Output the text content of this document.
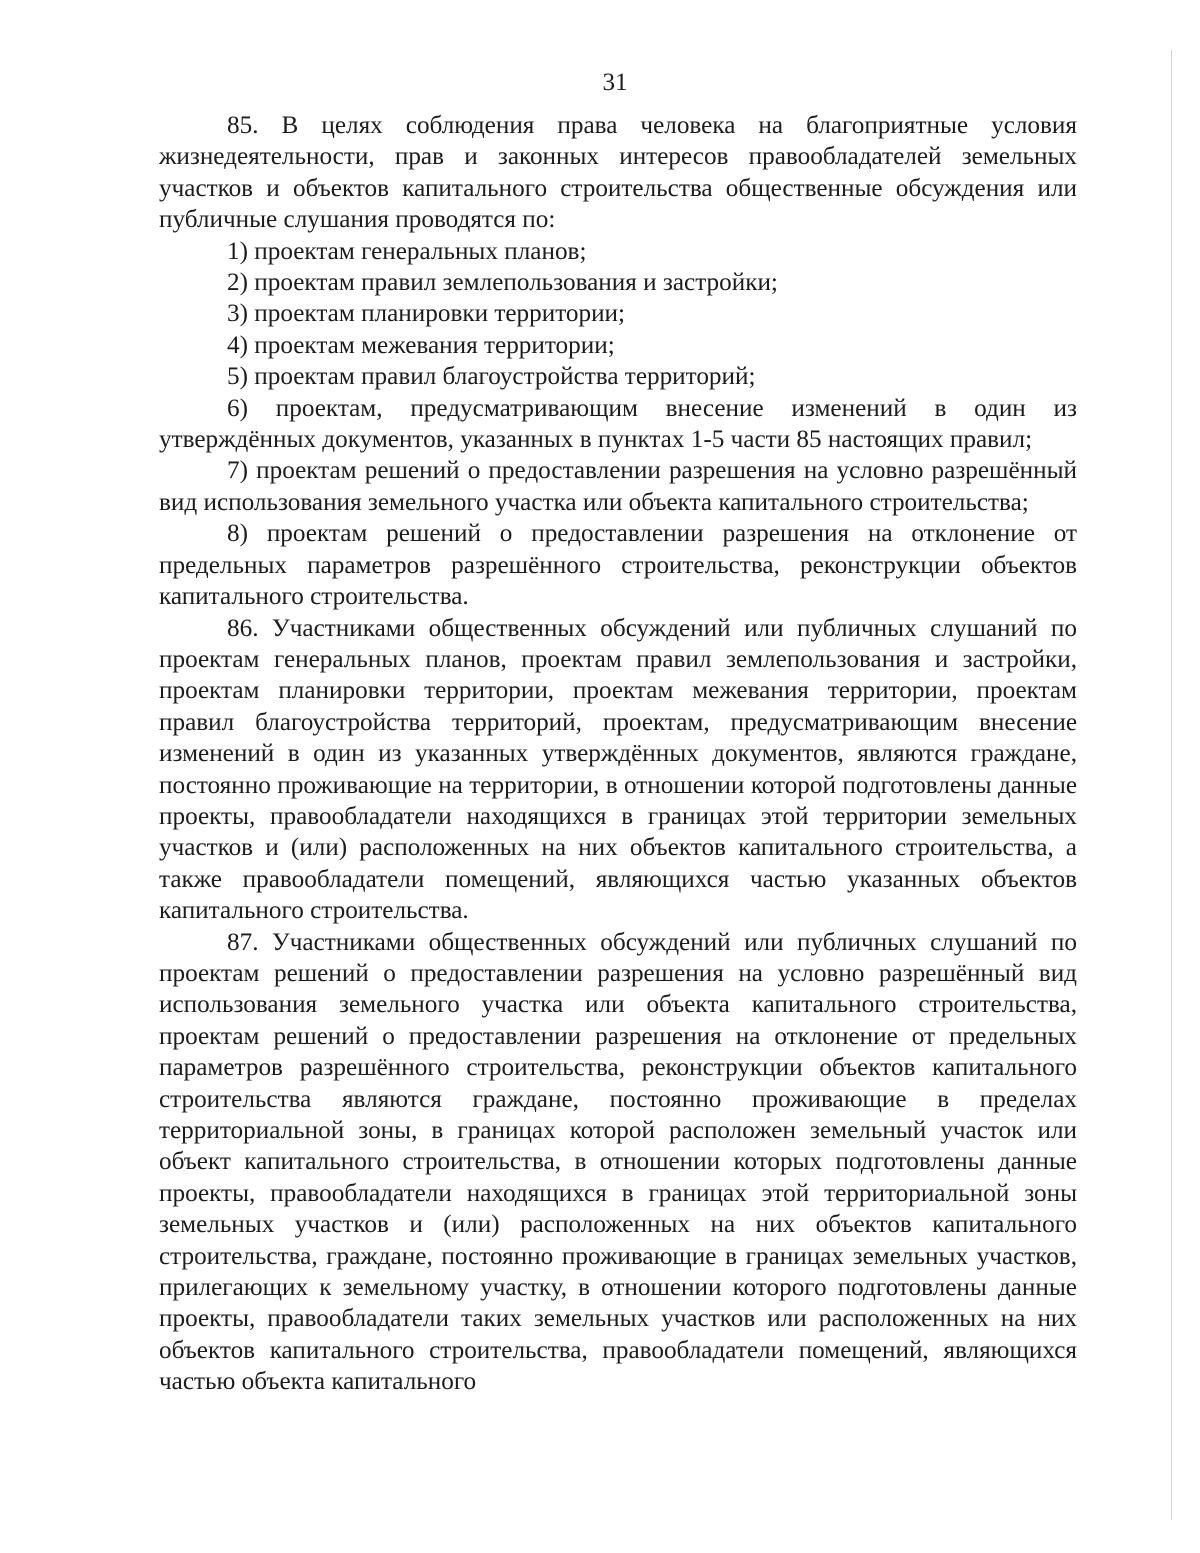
31

85. В целях соблюдения права человека на благоприятные условия жизнедеятельности, прав и законных интересов правообладателей земельных участков и объектов капитального строительства общественные обсуждения или публичные слушания проводятся по:

1) проектам генеральных планов;

2) проектам правил землепользования и застройки;

3) проектам планировки территории;

4) проектам межевания территории;

5) проектам правил благоустройства территорий;

6) проектам, предусматривающим внесение изменений в один из утверждённых документов, указанных в пунктах 1-5 части 85 настоящих правил;

7) проектам решений о предоставлении разрешения на условно разрешённый вид использования земельного участка или объекта капитального строительства;

8) проектам решений о предоставлении разрешения на отклонение от предельных параметров разрешённого строительства, реконструкции объектов капитального строительства.

86. Участниками общественных обсуждений или публичных слушаний по проектам генеральных планов, проектам правил землепользования и застройки, проектам планировки территории, проектам межевания территории, проектам правил благоустройства территорий, проектам, предусматривающим внесение изменений в один из указанных утверждённых документов, являются граждане, постоянно проживающие на территории, в отношении которой подготовлены данные проекты, правообладатели находящихся в границах этой территории земельных участков и (или) расположенных на них объектов капитального строительства, а также правообладатели помещений, являющихся частью указанных объектов капитального строительства.

87. Участниками общественных обсуждений или публичных слушаний по проектам решений о предоставлении разрешения на условно разрешённый вид использования земельного участка или объекта капитального строительства, проектам решений о предоставлении разрешения на отклонение от предельных параметров разрешённого строительства, реконструкции объектов капитального строительства являются граждане, постоянно проживающие в пределах территориальной зоны, в границах которой расположен земельный участок или объект капитального строительства, в отношении которых подготовлены данные проекты, правообладатели находящихся в границах этой территориальной зоны земельных участков и (или) расположенных на них объектов капитального строительства, граждане, постоянно проживающие в границах земельных участков, прилегающих к земельному участку, в отношении которого подготовлены данные проекты, правообладатели таких земельных участков или расположенных на них объектов капитального строительства, правообладатели помещений, являющихся частью объекта капитального
